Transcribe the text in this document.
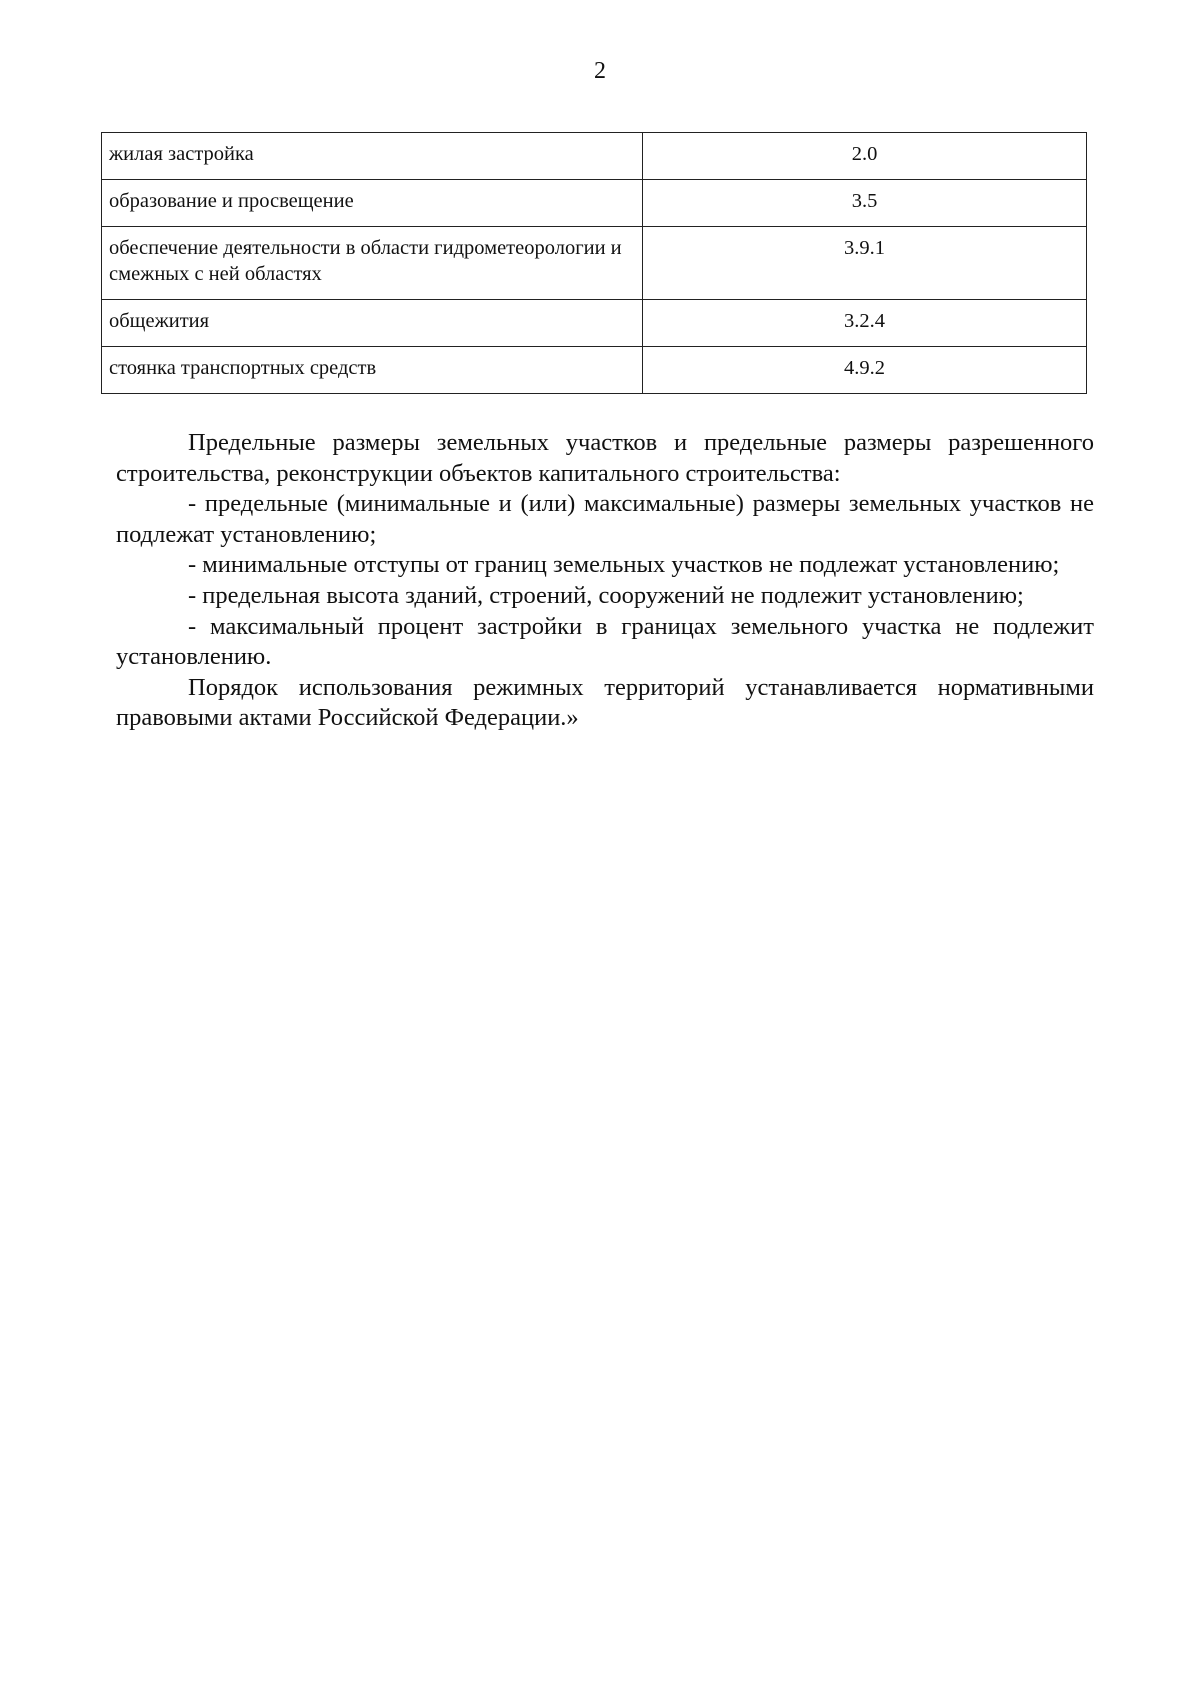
2
жилая застройка	2.0
образование и просвещение	3.5
обеспечение деятельности в области гидрометеорологии и смежных с ней областях	3.9.1
общежития	3.2.4
стоянка транспортных средств	4.9.2

Предельные размеры земельных участков и предельные размеры разрешенного строительства, реконструкции объектов капитального строительства:

- предельные (минимальные и (или) максимальные) размеры земельных участков не подлежат установлению;

- минимальные отступы от границ земельных участков не подлежат установлению;

- предельная высота зданий, строений, сооружений не подлежит установлению;

- максимальный процент застройки в границах земельного участка не подлежит установлению.

Порядок использования режимных территорий устанавливается нормативными правовыми актами Российской Федерации.»
